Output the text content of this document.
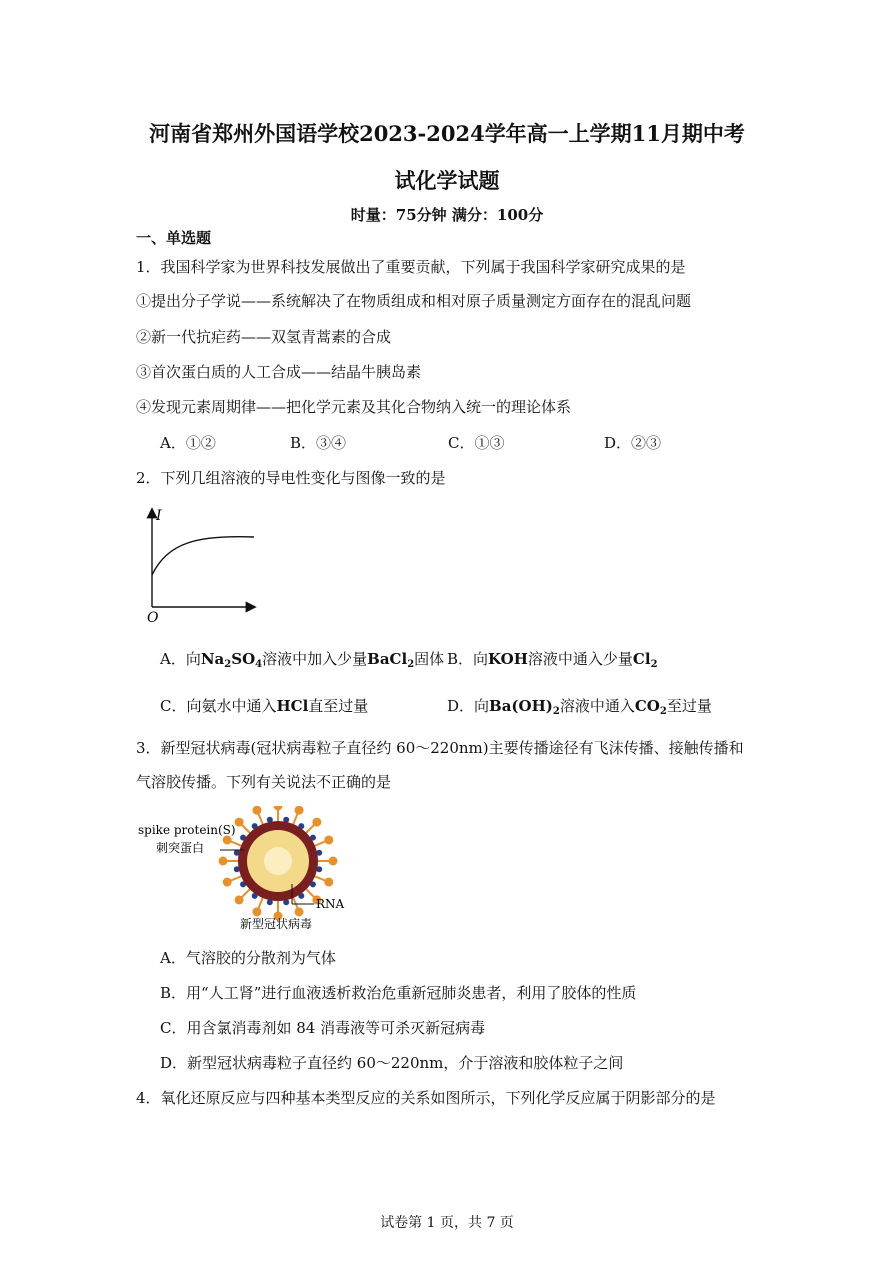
河南省郑州外国语学校2023-2024学年高一上学期11月期中考
试化学试题
时量：75分钟 满分：100分
一、单选题
1．我国科学家为世界科技发展做出了重要贡献，下列属于我国科学家研究成果的是
①提出分子学说——系统解决了在物质组成和相对原子质量测定方面存在的混乱问题
②新一代抗疟药——双氢青蒿素的合成
③首次蛋白质的人工合成——结晶牛胰岛素
④发现元素周期律——把化学元素及其化合物纳入统一的理论体系
A．①②	B．③④	C．①③	D．②③
2．下列几组溶液的导电性变化与图像一致的是
I
O
A．向$Na_2SO_4$溶液中加入少量BaCl$_2$固体 B．向KOH溶液中通入少量$Cl_2$
C．向氨水中通入HCl直至过量	D．向$Ba(OH)_2$溶液中通入$CO_2$至过量
3．新型冠状病毒(冠状病毒粒子直径约 60～220nm)主要传播途径有飞沫传播、接触传播和
气溶胶传播。下列有关说法不正确的是
spike protein(S)
刺突蛋白
RNA
新型冠状病毒
A．气溶胶的分散剂为气体
B．用“人工肾”进行血液透析救治危重新冠肺炎患者，利用了胶体的性质
C．用含氯消毒剂如 84 消毒液等可杀灭新冠病毒
D．新型冠状病毒粒子直径约 60～220nm，介于溶液和胶体粒子之间
4．氧化还原反应与四种基本类型反应的关系如图所示，下列化学反应属于阴影部分的是
试卷第 1 页，共 7 页
